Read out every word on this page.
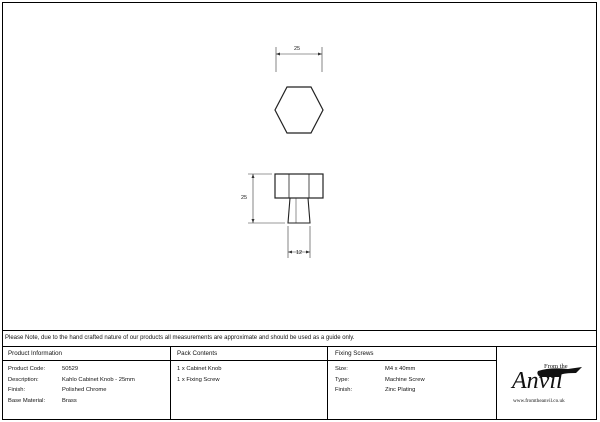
25
25
12
Please Note, due to the hand crafted nature of our products all measurements are approximate and should be used as a guide only.
Product Information
Product Code:	50529
Description:	Kahlo Cabinet Knob - 25mm
Finish:	Polished Chrome
Base Material:	Brass
Pack Contents
1 x Cabinet Knob
1 x Fixing Screw
Fixing Screws
Size:	M4 x 40mm
Type:	Machine Screw
Finish:	Zinc Plating
From the
Anvil
www.fromtheanvil.co.uk
